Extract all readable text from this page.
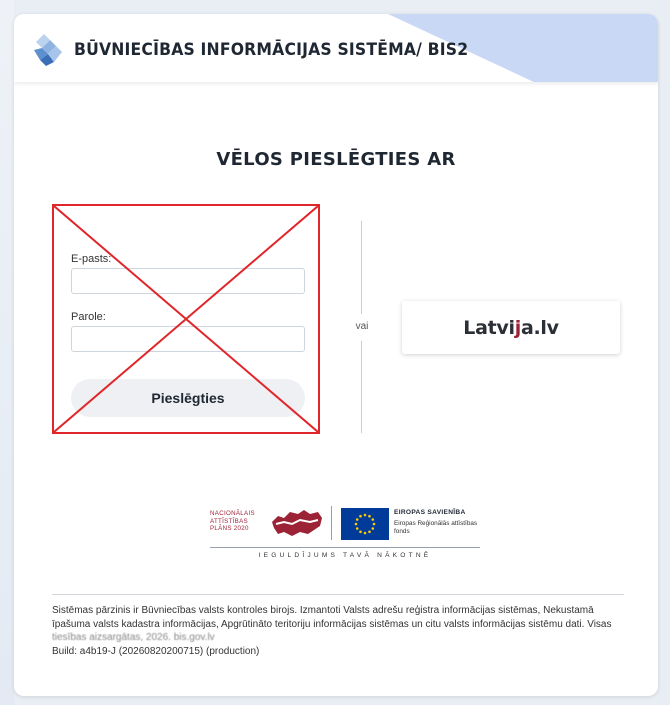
BŪVNIECĪBAS INFORMĀCIJAS SISTĒMA/ BIS2
VĒLOS PIESLĒGTIES AR
E-pasts:
Parole:
Pieslēgties
vai	Latvija.lv
NACIONĀLAIS ATTĪSTĪBAS PLĀNS 2020
EIROPAS SAVIENĪBA
Eiropas Reģionālās attīstības fonds
IEGULDĪJUMS TAVĀ NĀKOTNĒ
Sistēmas pārzinis ir Būvniecības valsts kontroles birojs. Izmantoti Valsts adrešu reģistra informācijas sistēmas, Nekustamā īpašuma valsts kadastra informācijas, Apgrūtināto teritoriju informācijas sistēmas un citu valsts informācijas sistēmu dati. Visas
tiesības aizsargātas, 2026. bis.gov.lv
Build: a4b19-J (20260820200715) (production)
